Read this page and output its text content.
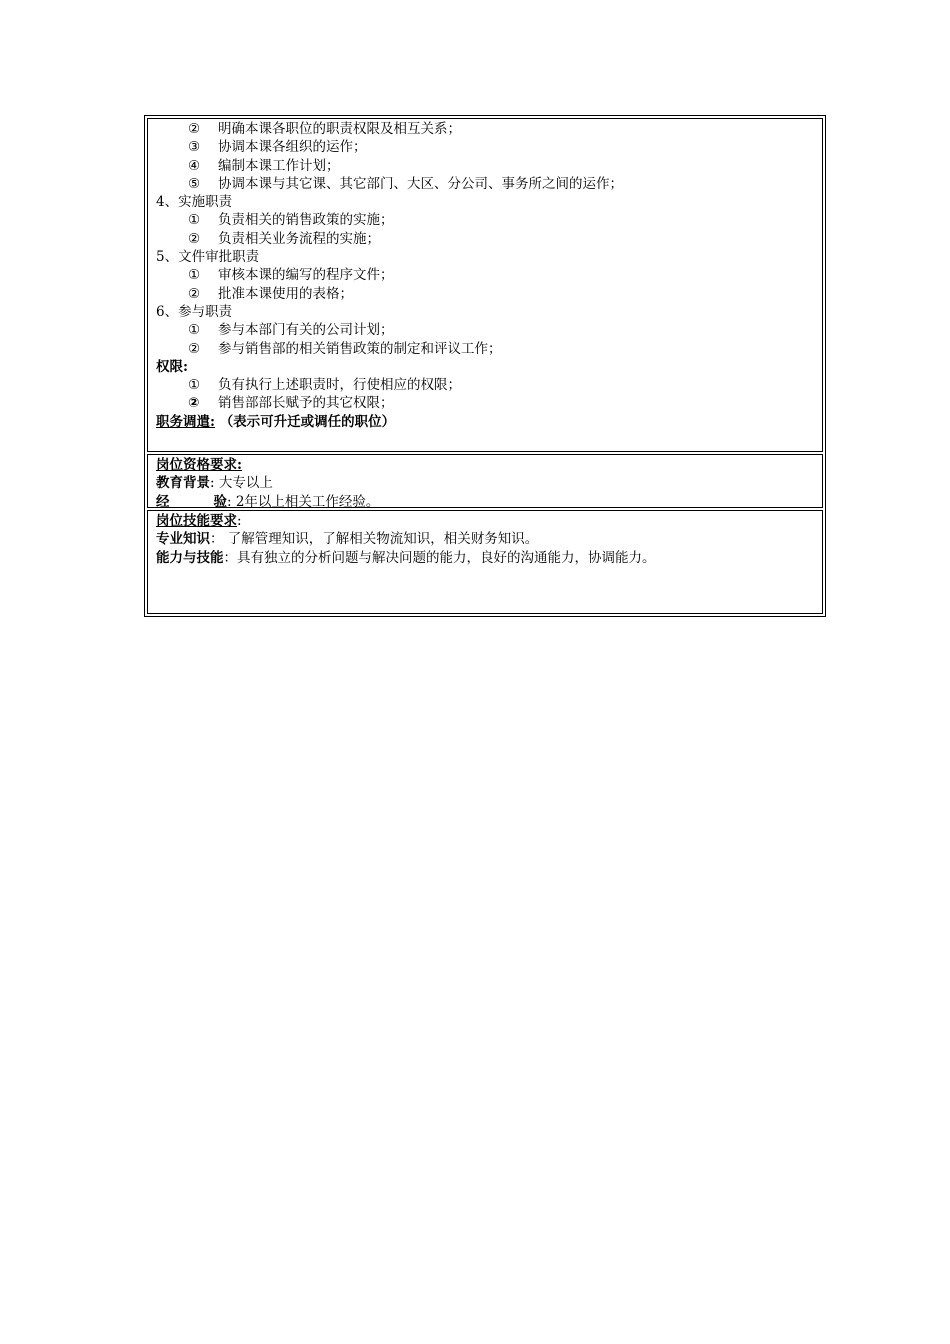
② 明确本课各职位的职责权限及相互关系；
③ 协调本课各组织的运作；
④ 编制本课工作计划；
⑤ 协调本课与其它课、其它部门、大区、分公司、事务所之间的运作；
4、实施职责
① 负责相关的销售政策的实施；
② 负责相关业务流程的实施；
5、文件审批职责
① 审核本课的编写的程序文件；
② 批准本课使用的表格；
6、参与职责
① 参与本部门有关的公司计划；
② 参与销售部的相关销售政策的制定和评议工作；
权限:
① 负有执行上述职责时，行使相应的权限；
② 销售部部长赋予的其它权限；
职务调遣: （表示可升迁或调任的职位）
岗位资格要求:
教育背景: 大专以上
经	验: 2年以上相关工作经验。
岗位技能要求:
专业知识： 了解管理知识，了解相关物流知识，相关财务知识。
能力与技能：具有独立的分析问题与解决问题的能力，良好的沟通能力，协调能力。
